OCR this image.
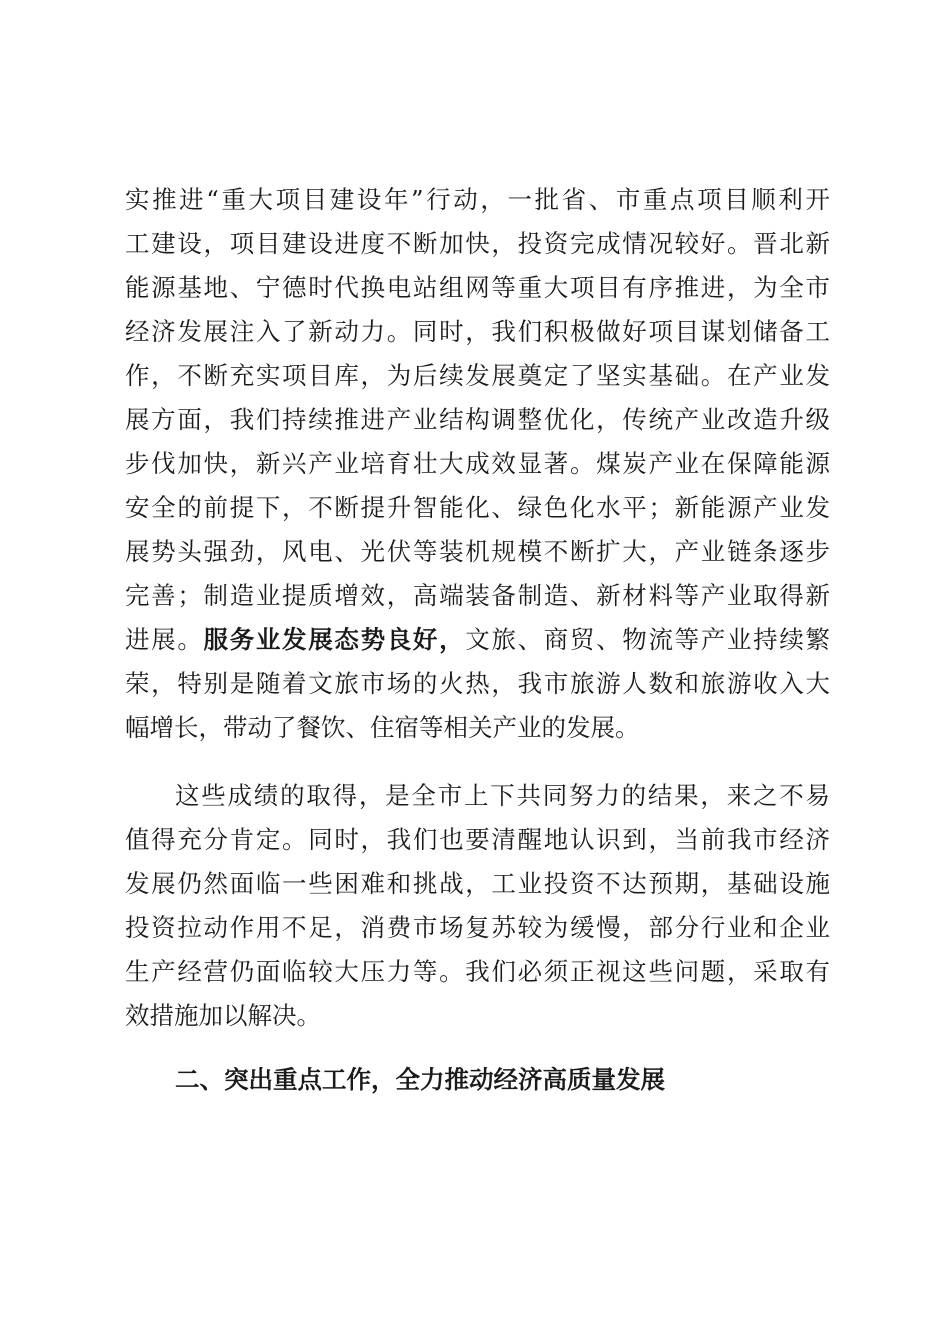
实推进“重大项目建设年”行动，一批省、市重点项目顺利开
工建设，项目建设进度不断加快，投资完成情况较好。晋北新
能源基地、宁德时代换电站组网等重大项目有序推进，为全市
经济发展注入了新动力。同时，我们积极做好项目谋划储备工
作，不断充实项目库，为后续发展奠定了坚实基础。在产业发
展方面，我们持续推进产业结构调整优化，传统产业改造升级
步伐加快，新兴产业培育壮大成效显著。煤炭产业在保障能源
安全的前提下，不断提升智能化、绿色化水平；新能源产业发
展势头强劲，风电、光伏等装机规模不断扩大，产业链条逐步
完善；制造业提质增效，高端装备制造、新材料等产业取得新
进展。服务业发展态势良好，文旅、商贸、物流等产业持续繁
荣，特别是随着文旅市场的火热，我市旅游人数和旅游收入大
幅增长，带动了餐饮、住宿等相关产业的发展。
这些成绩的取得，是全市上下共同努力的结果，来之不易
值得充分肯定。同时，我们也要清醒地认识到，当前我市经济
发展仍然面临一些困难和挑战，工业投资不达预期，基础设施
投资拉动作用不足，消费市场复苏较为缓慢，部分行业和企业
生产经营仍面临较大压力等。我们必须正视这些问题，采取有
效措施加以解决。
二、突出重点工作，全力推动经济高质量发展
